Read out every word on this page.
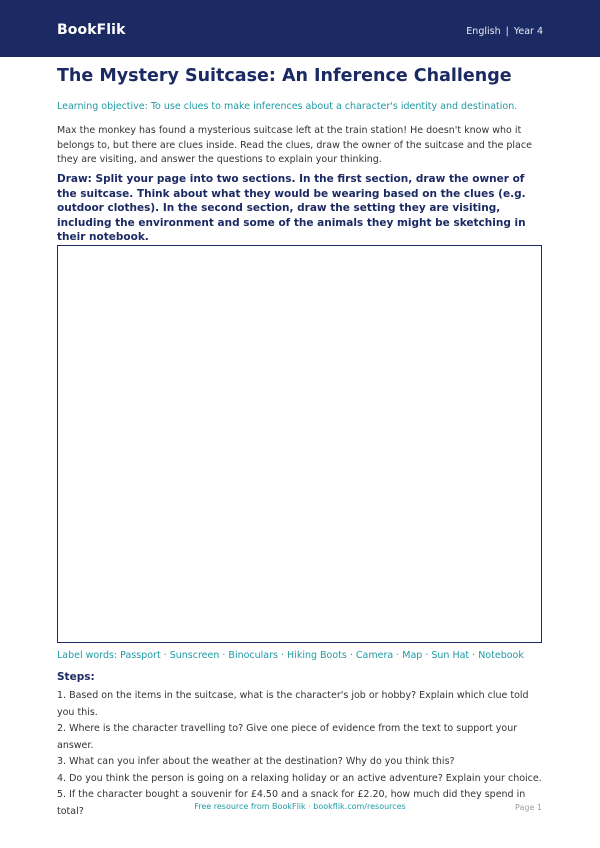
BookFlik	English | Year 4
The Mystery Suitcase: An Inference Challenge

Learning objective: To use clues to make inferences about a character's identity and destination.

Max the monkey has found a mysterious suitcase left at the train station! He doesn't know who it belongs to, but there are clues inside. Read the clues, draw the owner of the suitcase and the place they are visiting, and answer the questions to explain your thinking.

Draw: Split your page into two sections. In the first section, draw the owner of the suitcase. Think about what they would be wearing based on the clues (e.g. outdoor clothes). In the second section, draw the setting they are visiting, including the environment and some of the animals they might be sketching in their notebook.

Label words: Passport · Sunscreen · Binoculars · Hiking Boots · Camera · Map · Sun Hat · Notebook

Steps:

1. Based on the items in the suitcase, what is the character's job or hobby? Explain which clue told you this.
2. Where is the character travelling to? Give one piece of evidence from the text to support your answer.
3. What can you infer about the weather at the destination? Why do you think this?
4. Do you think the person is going on a relaxing holiday or an active adventure? Explain your choice.
5. If the character bought a souvenir for £4.50 and a snack for £2.20, how much did they spend in total?	Free resource from BookFlik · bookflik.com/resources	Page 1
